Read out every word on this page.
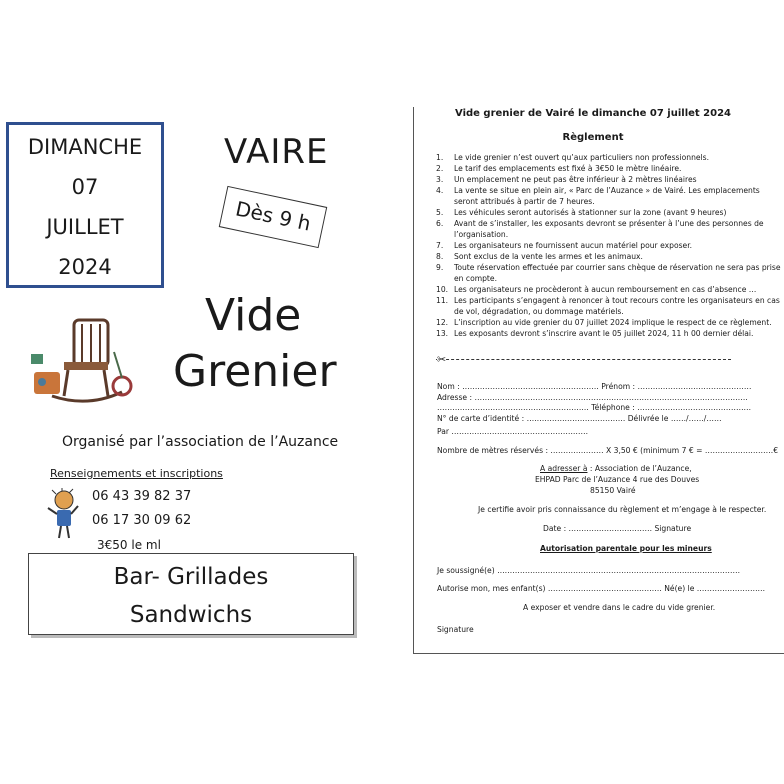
DIMANCHE
07
JUILLET
2024
VAIRE
Dès 9 h
Vide
Grenier
Organisé par l’association de l’Auzance
Renseignements et inscriptions
06 43 39 82 37
06 17 30 09 62
3€50 le ml
Bar- Grillades
Sandwichs
Vide grenier de Vairé le dimanche 07 juillet 2024
Règlement
1.	Le vide grenier n’est ouvert qu’aux particuliers non professionnels.
2.	Le tarif des emplacements est fixé à 3€50 le mètre linéaire.
3.	Un emplacement ne peut pas être inférieur à 2 mètres linéaires
4.	La vente se situe en plein air, « Parc de l’Auzance » de Vairé. Les emplacements seront attribués à partir de 7 heures.
5.	Les véhicules seront autorisés à stationner sur la zone (avant 9 heures)
6.	Avant de s’installer, les exposants devront se présenter à l’une des personnes de l’organisation.
7.	Les organisateurs ne fournissent aucun matériel pour exposer.
8.	Sont exclus de la vente les armes et les animaux.
9.	Toute réservation effectuée par courrier sans chèque de réservation ne sera pas prise en compte.
10. Les organisateurs ne procèderont à aucun remboursement en cas d’absence …
11. Les participants s’engagent à renoncer à tout recours contre les organisateurs en cas de vol, dégradation, ou dommage matériels.
12. L’inscription au vide grenier du 07 juillet 2024 implique le respect de ce règlement.
13. Les exposants devront s’inscrire avant le 05 juillet 2024, 11 h 00 dernier délai.
✂
Nom : ……………………………………………… Prénom : ………………………………………
Adresse : ………………………………………………………………………………………………
…………………………………………………… Téléphone : ………………………………………
N° de carte d’identité : ………………………………… Délivrée le ……/……/……
Par ………………………………………………
Nombre de mètres réservés : ………………… X 3,50 € (minimum 7 € = ………………………€
A adresser à : Association de l’Auzance,
EHPAD Parc de l’Auzance 4 rue des Douves
85150 Vairé
Je certifie avoir pris connaissance du règlement et m’engage à le respecter.
Date : …………………………… Signature
Autorisation parentale pour les mineurs
Je soussigné(e) ……………………………………………………………………………………
Autorise mon, mes enfant(s) ……………………………………… Né(e) le ………………………
A exposer et vendre dans le cadre du vide grenier.
Signature
